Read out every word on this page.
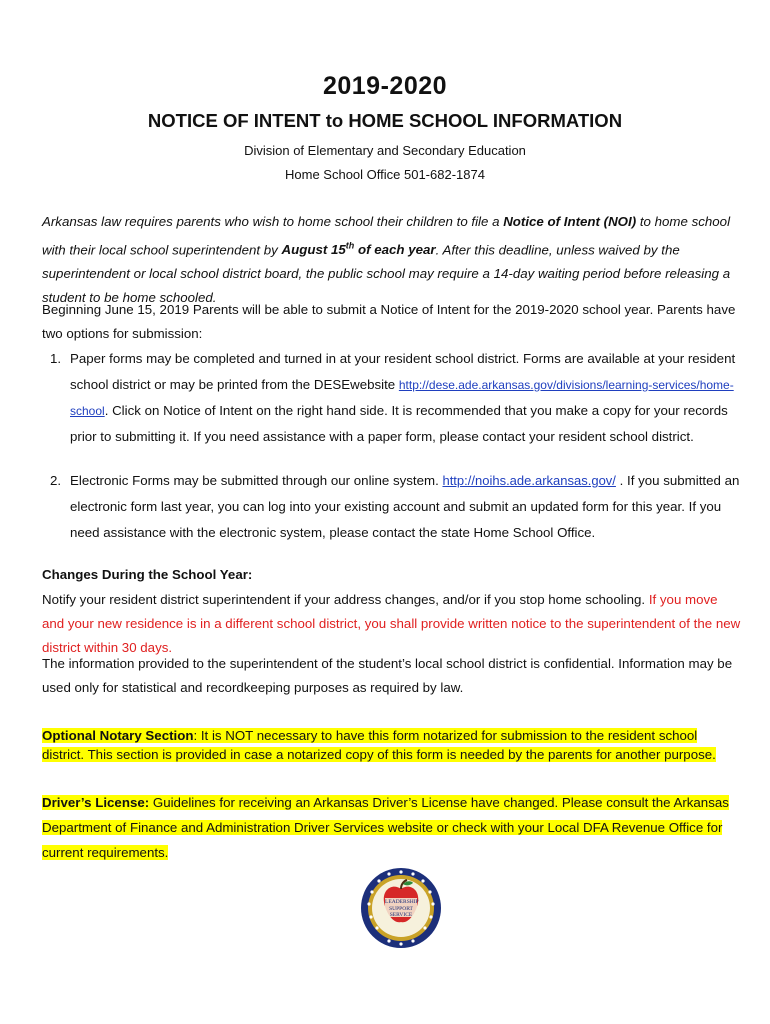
2019-2020
NOTICE OF INTENT to HOME SCHOOL INFORMATION
Division of Elementary and Secondary Education
Home School Office 501-682-1874
Arkansas law requires parents who wish to home school their children to file a Notice of Intent (NOI) to home school with their local school superintendent by August 15th of each year. After this deadline, unless waived by the superintendent or local school district board, the public school may require a 14-day waiting period before releasing a student to be home schooled.
Beginning June 15, 2019 Parents will be able to submit a Notice of Intent for the 2019-2020 school year. Parents have two options for submission:
1. Paper forms may be completed and turned in at your resident school district. Forms are available at your resident school district or may be printed from the DESEwebsite http://dese.ade.arkansas.gov/divisions/learning-services/home-school. Click on Notice of Intent on the right hand side. It is recommended that you make a copy for your records prior to submitting it. If you need assistance with a paper form, please contact your resident school district.
2. Electronic Forms may be submitted through our online system. http://noihs.ade.arkansas.gov/ . If you submitted an electronic form last year, you can log into your existing account and submit an updated form for this year. If you need assistance with the electronic system, please contact the state Home School Office.
Changes During the School Year:
Notify your resident district superintendent if your address changes, and/or if you stop home schooling. If you move and your new residence is in a different school district, you shall provide written notice to the superintendent of the new district within 30 days.
The information provided to the superintendent of the student’s local school district is confidential. Information may be used only for statistical and recordkeeping purposes as required by law.
Optional Notary Section: It is NOT necessary to have this form notarized for submission to the resident school district. This section is provided in case a notarized copy of this form is needed by the parents for another purpose.
Driver’s License: Guidelines for receiving an Arkansas Driver’s License have changed. Please consult the Arkansas Department of Finance and Administration Driver Services website or check with your Local DFA Revenue Office for current requirements.
LEADERSHIP
SUPPORT
SERVICE
